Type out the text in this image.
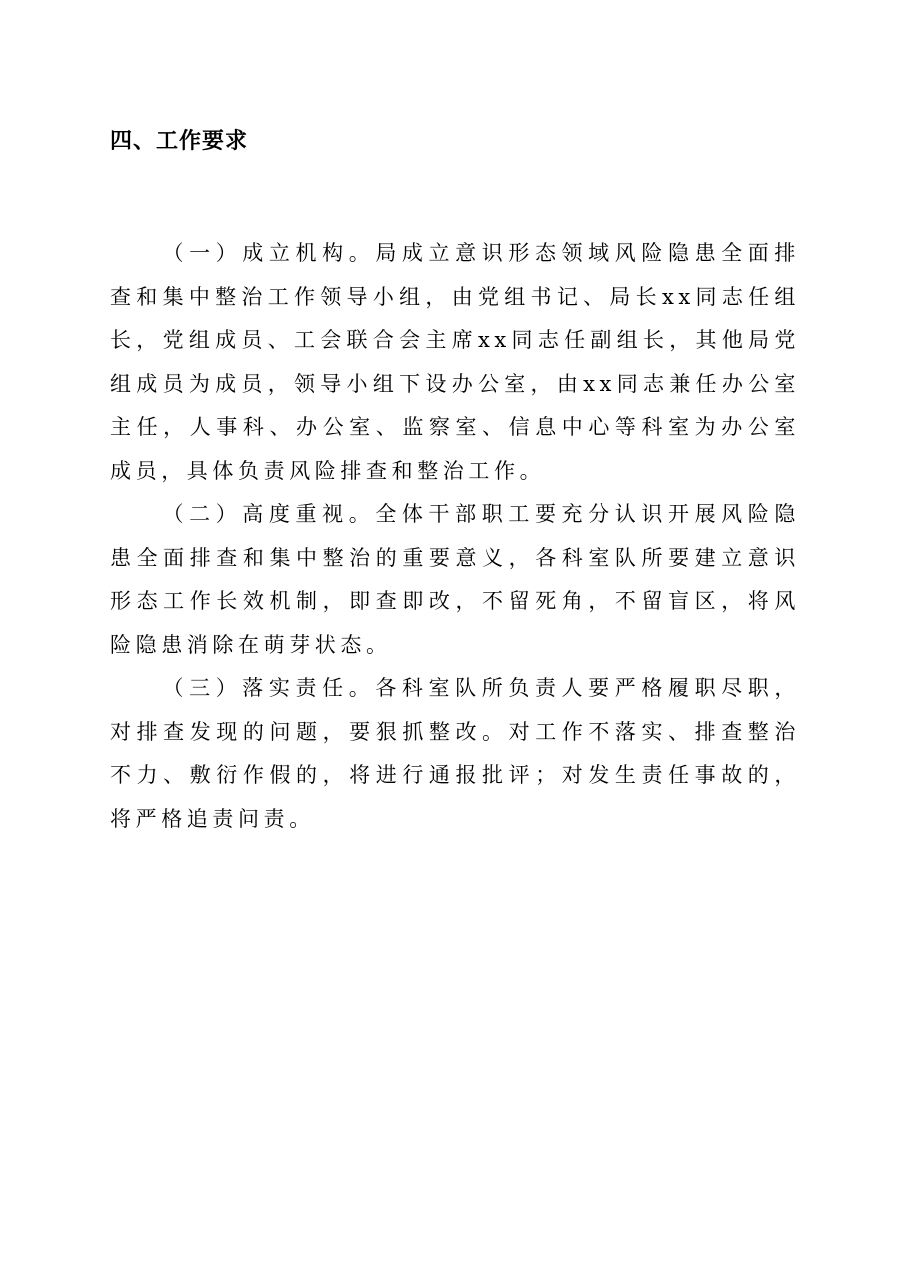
四、工作要求

（一）成立机构。局成立意识形态领域风险隐患全面排查和集中整治工作领导小组，由党组书记、局长xx同志任组长，党组成员、工会联合会主席xx同志任副组长，其他局党组成员为成员，领导小组下设办公室，由xx同志兼任办公室主任，人事科、办公室、监察室、信息中心等科室为办公室成员，具体负责风险排查和整治工作。

（二）高度重视。全体干部职工要充分认识开展风险隐患全面排查和集中整治的重要意义，各科室队所要建立意识形态工作长效机制，即查即改，不留死角，不留盲区，将风险隐患消除在萌芽状态。

（三）落实责任。各科室队所负责人要严格履职尽职，对排查发现的问题，要狠抓整改。对工作不落实、排查整治不力、敷衍作假的，将进行通报批评；对发生责任事故的，将严格追责问责。
